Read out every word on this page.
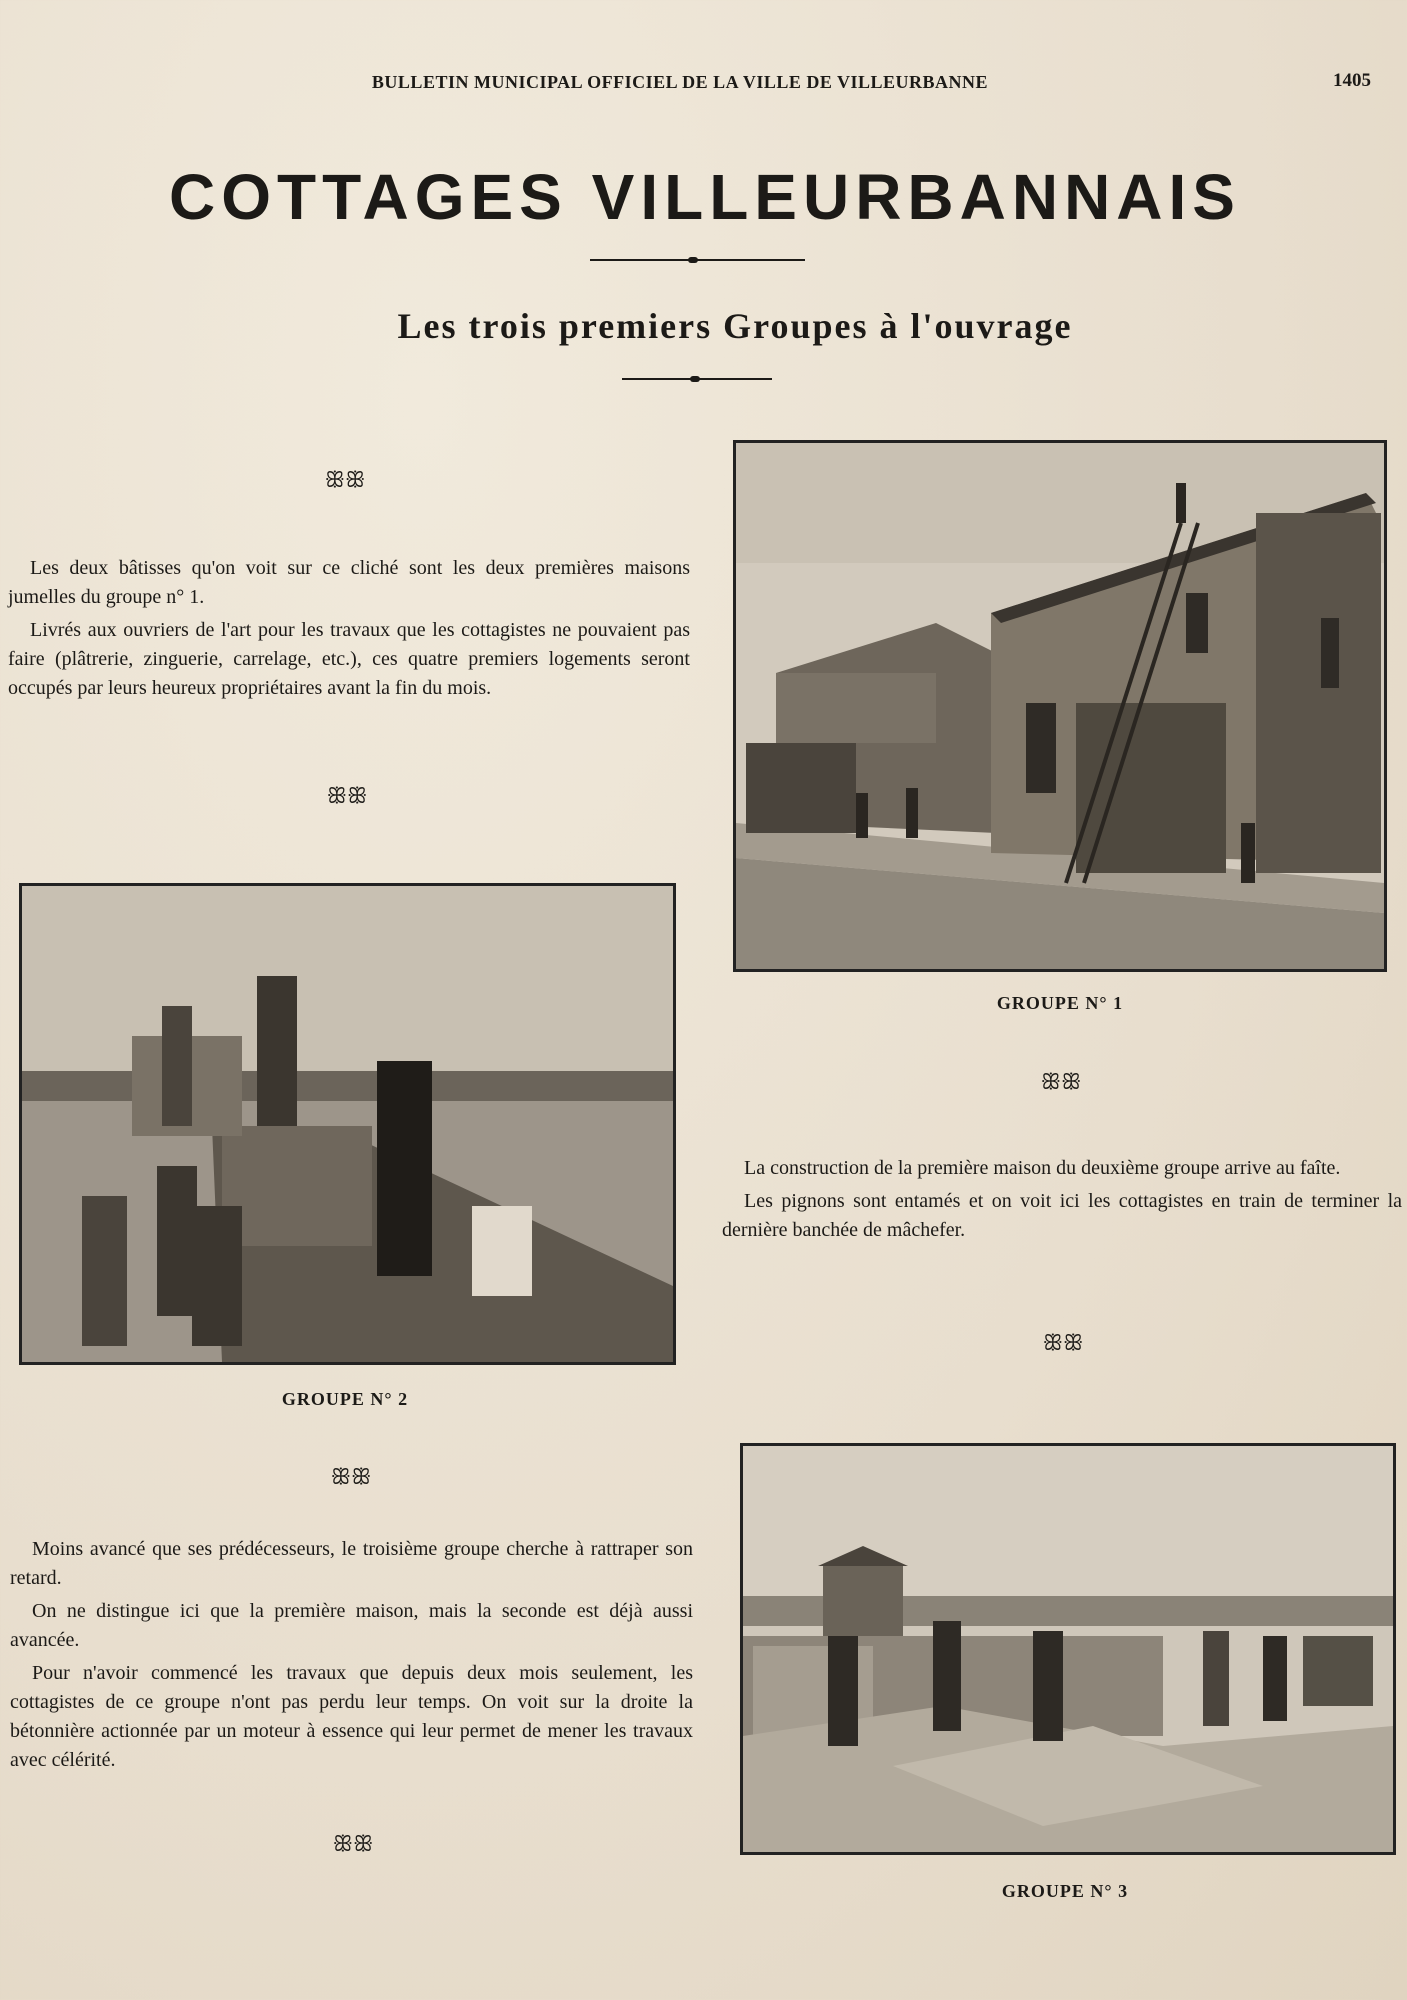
BULLETIN MUNICIPAL OFFICIEL DE LA VILLE DE VILLEURBANNE	1405
COTTAGES VILLEURBANNAIS
Les trois premiers Groupes à l'ouvrage
ꕥꕥ

Les deux bâtisses qu'on voit sur ce cliché sont les deux premières maisons jumelles du groupe n° 1.

Livrés aux ouvriers de l'art pour les travaux que les cottagistes ne pouvaient pas faire (plâtrerie, zinguerie, carrelage, etc.), ces quatre premiers logements seront occupés par leurs heureux propriétaires avant la fin du mois.

ꕥꕥ
GROUPE N° 1
ꕥꕥ

La construction de la première maison du deuxième groupe arrive au faîte.

Les pignons sont entamés et on voit ici les cottagistes en train de terminer la dernière banchée de mâchefer.

ꕥꕥ
GROUPE N° 2
ꕥꕥ

Moins avancé que ses prédécesseurs, le troisième groupe cherche à rattraper son retard.

On ne distingue ici que la première maison, mais la seconde est déjà aussi avancée.

Pour n'avoir commencé les travaux que depuis deux mois seulement, les cottagistes de ce groupe n'ont pas perdu leur temps. On voit sur la droite la bétonnière actionnée par un moteur à essence qui leur permet de mener les travaux avec célérité.

ꕥꕥ
GROUPE N° 3
